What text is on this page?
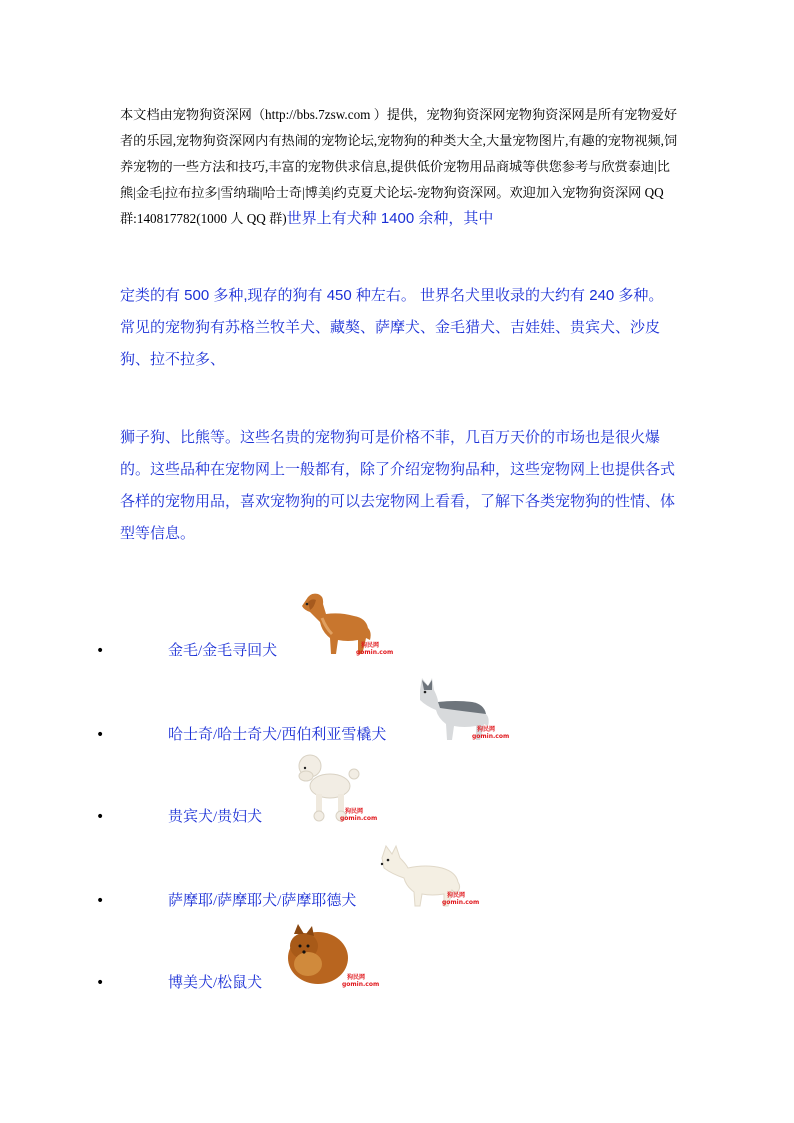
本文档由宠物狗资深网（http://bbs.7zsw.com ）提供，宠物狗资深网宠物狗资深网是所有宠物爱好者的乐园,宠物狗资深网内有热闹的宠物论坛,宠物狗的种类大全,大量宠物图片,有趣的宠物视频,饲养宠物的一些方法和技巧,丰富的宠物供求信息,提供低价宠物用品商城等供您参考与欣赏泰迪|比熊|金毛|拉布拉多|雪纳瑞|哈士奇|博美|约克夏犬论坛-宠物狗资深网。欢迎加入宠物狗资深网 QQ 群:140817782(1000 人 QQ 群)世界上有犬种 1400 余种，其中

定类的有 500 多种,现存的狗有 450 种左右。 世界名犬里收录的大约有 240 多种。常见的宠物狗有苏格兰牧羊犬、藏獒、萨摩犬、金毛猎犬、吉娃娃、贵宾犬、沙皮狗、拉不拉多、

狮子狗、比熊等。这些名贵的宠物狗可是价格不菲，几百万天价的市场也是很火爆的。这些品种在宠物网上一般都有，除了介绍宠物狗品种，这些宠物网上也提供各式各样的宠物用品，喜欢宠物狗的可以去宠物网上看看，了解下各类宠物狗的性情、体型等信息。

•	金毛/金毛寻回犬	狗民网
gomin.com
•	哈士奇/哈士奇犬/西伯利亚雪橇犬	狗民网
gomin.com
•	贵宾犬/贵妇犬	狗民网
gomin.com
•	萨摩耶/萨摩耶犬/萨摩耶德犬	狗民网
gomin.com
•	博美犬/松鼠犬	狗民网
gomin.com
